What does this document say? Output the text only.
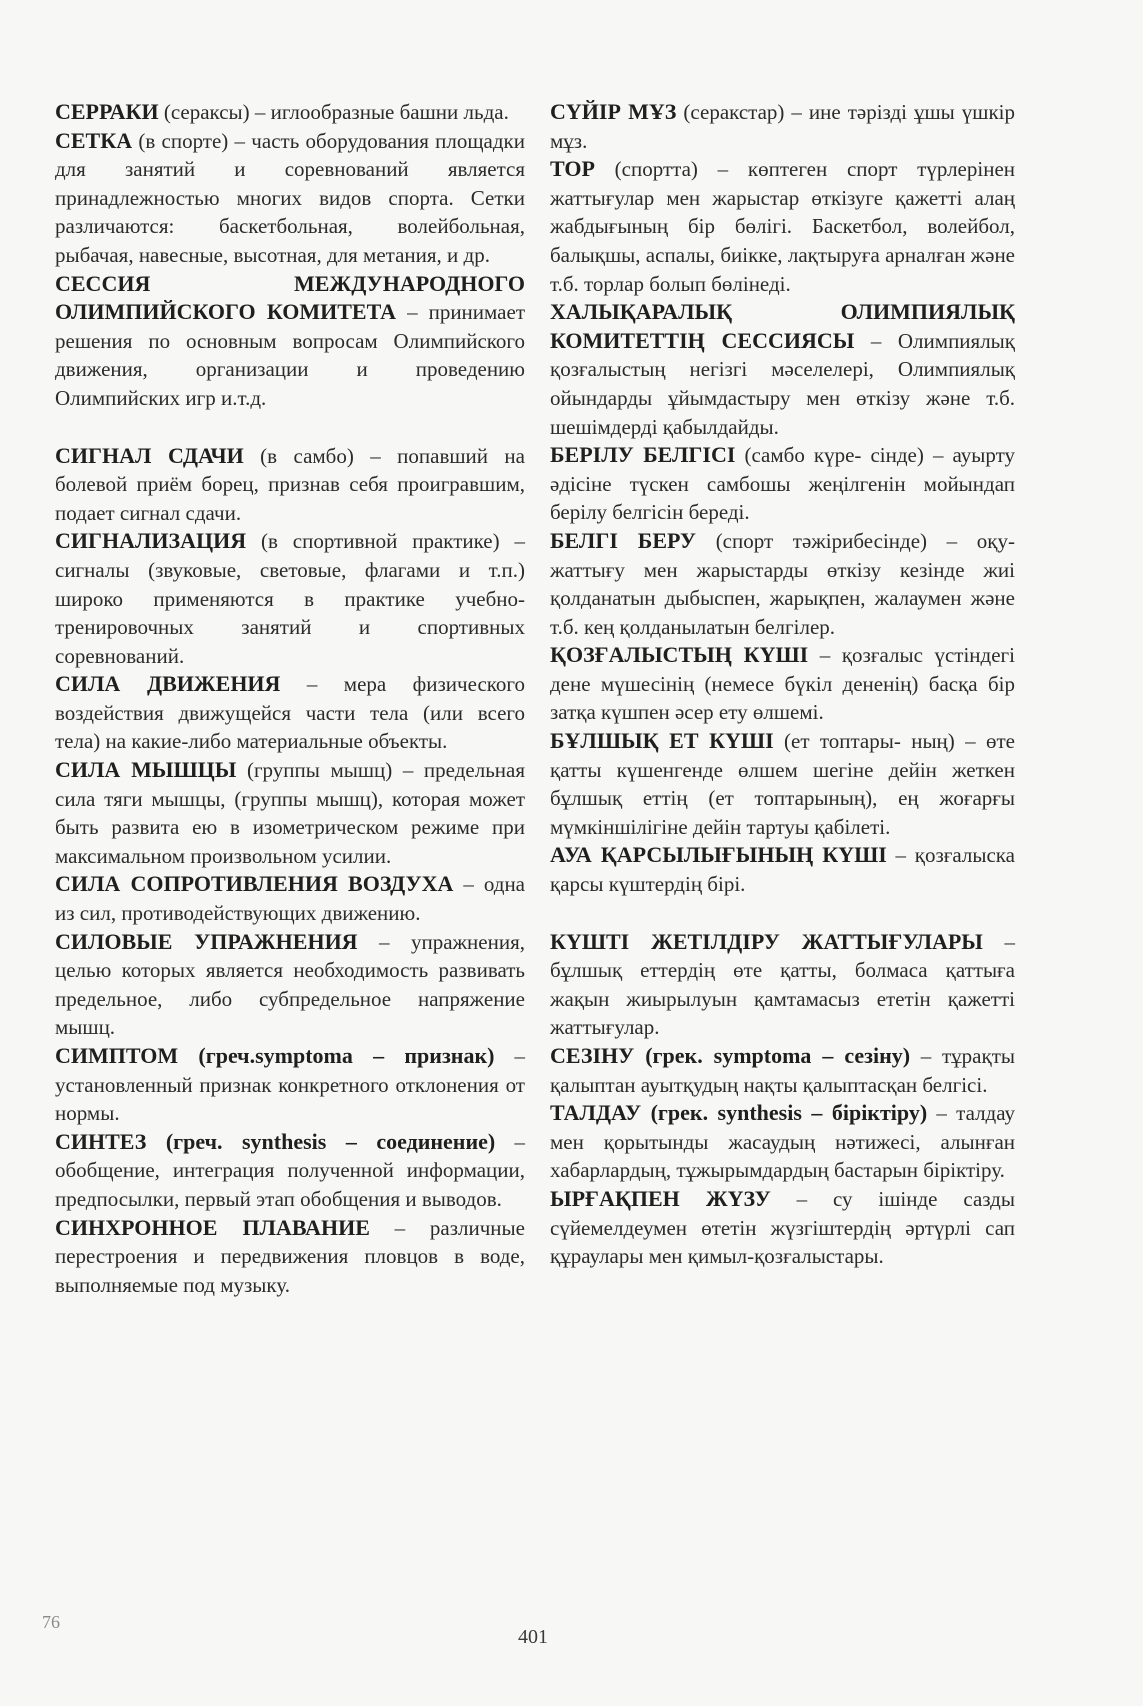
СЕРРАКИ (сераксы) – иглообразные башни льда.

СЕТКА (в спорте) – часть оборудования площадки для занятий и соревнований является принадлежностью многих видов спорта. Сетки различаются: баскетбольная, волейбольная, рыбачая, навесные, высотная, для метания, и др.

СЕССИЯ МЕЖДУНАРОДНОГО ОЛИМПИЙСКОГО КОМИТЕТА – принимает решения по основным вопросам Олимпийского движения, организации и проведению Олимпийских игр и.т.д.

СИГНАЛ СДАЧИ (в самбо) – попавший на болевой приём борец, признав себя проигравшим, подает сигнал сдачи.

СИГНАЛИЗАЦИЯ (в спортивной практике) – сигналы (звуковые, световые, флагами и т.п.) широко применяются в практике учебно-тренировочных занятий и спортивных соревнований.

СИЛА ДВИЖЕНИЯ – мера физического воздействия движущейся части тела (или всего тела) на какие-либо материальные объекты.

СИЛА МЫШЦЫ (группы мышц) – предельная сила тяги мышцы, (группы мышц), которая может быть развита ею в изометрическом режиме при максимальном произвольном усилии.

СИЛА СОПРОТИВЛЕНИЯ ВОЗДУХА – одна из сил, противодействующих движению.

СИЛОВЫЕ УПРАЖНЕНИЯ – упражнения, целью которых является необходимость развивать предельное, либо субпредельное напряжение мышц.

СИМПТОМ (греч.symptoma – признак) – установленный признак конкретного отклонения от нормы.

СИНТЕЗ (греч. synthesis – соединение) – обобщение, интеграция полученной информации, предпосылки, первый этап обобщения и выводов.

СИНХРОННОЕ ПЛАВАНИЕ – различные перестроения и передвижения пловцов в воде, выполняемые под музыку.

СҮЙІР МҰЗ (серакстар) – ине тәрізді ұшы үшкір мұз.

ТОР (спортта) – көптеген спорт түрлерінен жаттығулар мен жарыстар өткізуге қажетті алаң жабдығының бір бөлігі. Баскетбол, волейбол, балықшы, аспалы, биікке, лақтыруға арналған және т.б. торлар болып бөлінеді.

ХАЛЫҚАРАЛЫҚ ОЛИМПИЯЛЫҚ КОМИТЕТТІҢ СЕССИЯСЫ – Олимпиялық қозғалыстың негізгі мәселелері, Олимпиялық ойындарды ұйымдастыру мен өткізу және т.б. шешімдерді қабылдайды.

БЕРІЛУ БЕЛГІСІ (самбо күре- сінде) – ауырту әдісіне түскен самбошы жеңілгенін мойындап берілу белгісін береді.

БЕЛГІ БЕРУ (спорт тәжірибесінде) – оқу-жаттығу мен жарыстарды өткізу кезінде жиі қолданатын дыбыспен, жарықпен, жалаумен және т.б. кең қолданылатын белгілер.

ҚОЗҒАЛЫСТЫҢ КҮШІ – қозғалыс үстіндегі дене мүшесінің (немесе бүкіл дененің) басқа бір затқа күшпен әсер ету өлшемі.

БҰЛШЫҚ ЕТ КҮШІ (ет топтары- ның) – өте қатты күшенгенде өлшем шегіне дейін жеткен бұлшық еттің (ет топтарының), ең жоғарғы мүмкіншілігіне дейін тартуы қабілеті.

АУА ҚАРСЫЛЫҒЫНЫҢ КҮШІ – қозғалыска қарсы күштердің бірі.

КҮШТІ ЖЕТІЛДІРУ ЖАТТЫҒУЛАРЫ – бұлшық еттердің өте қатты, болмаса қаттыға жақын жиырылуын қамтамасыз ететін қажетті жаттығулар.

СЕЗІНУ (грек. symptoma – сезіну) – тұрақты қалыптан ауытқудың нақты қалыптасқан белгісі.

ТАЛДАУ (грек. synthesis – біріктіру) – талдау мен қорытынды жасаудың нәтижесі, алынған хабарлардың, тұжырымдардың бастарын біріктіру.

ЫРҒАҚПЕН ЖҮЗУ – су ішінде сазды сүйемелдеумен өтетін жүзгіштердің әртүрлі сап құраулары мен қимыл-қозғалыстары.

76
401
